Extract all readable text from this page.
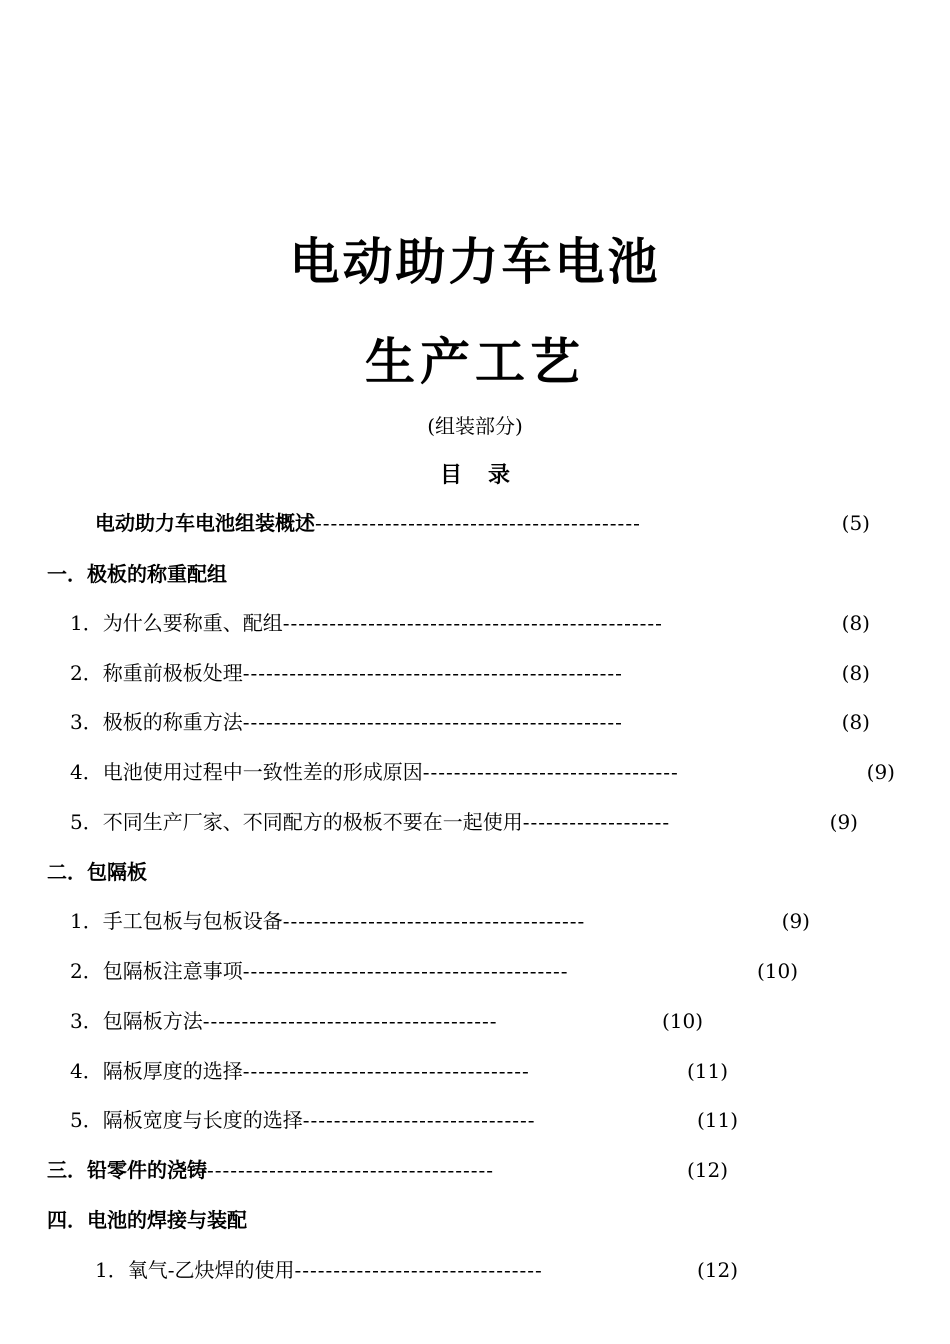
电动助力车电池
生产工艺
(组装部分)
目录
电动助力车电池组装概述 ------------------------------------------	(5)
一．极板的称重配组
1．为什么要称重、配组 -------------------------------------------------	(8)
2．称重前极板处理 -------------------------------------------------	(8)
3．极板的称重方法 -------------------------------------------------	(8)
4．电池使用过程中一致性差的形成原因 ---------------------------------	(9)
5．不同生产厂家、不同配方的极板不要在一起使用 -------------------	(9)
二．包隔板
1．手工包板与包板设备 ---------------------------------------	(9)
2．包隔板注意事项 ------------------------------------------	(10)
3．包隔板方法 --------------------------------------	(10)
4．隔板厚度的选择 -------------------------------------	(11)
5．隔板宽度与长度的选择 ------------------------------	(11)
三．铅零件的浇铸 -------------------------------------	(12)
四．电池的焊接与装配
1．氧气-乙炔焊的使用 --------------------------------	(12)
